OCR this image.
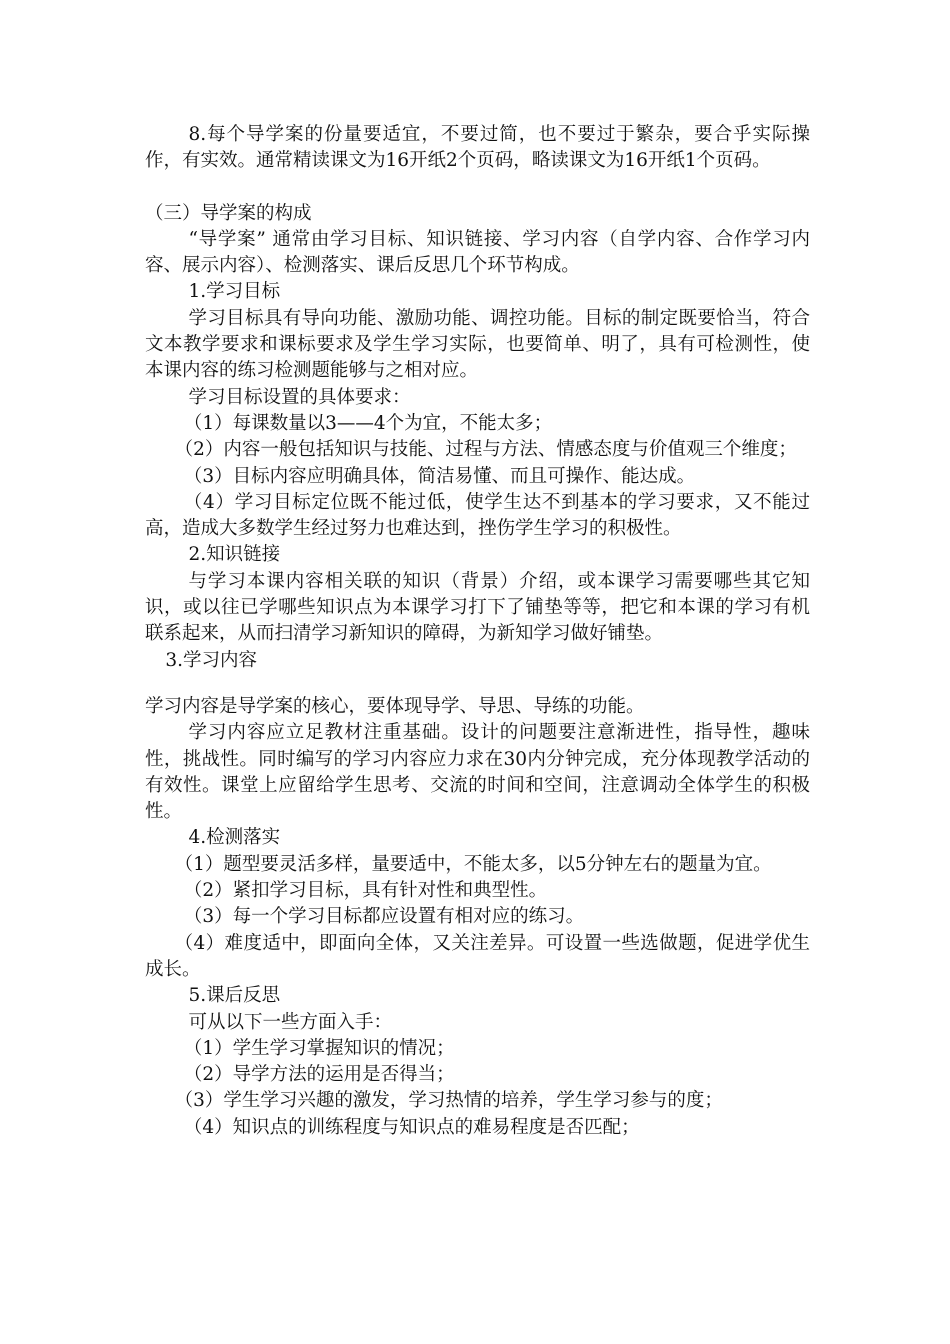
8.每个导学案的份量要适宜，不要过简，也不要过于繁杂，要合乎实际操作，有实效。通常精读课文为16开纸2个页码，略读课文为16开纸1个页码。

（三）导学案的构成

“导学案” 通常由学习目标、知识链接、学习内容（自学内容、合作学习内容、展示内容）、检测落实、课后反思几个环节构成。

1.学习目标

学习目标具有导向功能、激励功能、调控功能。目标的制定既要恰当，符合文本教学要求和课标要求及学生学习实际，也要简单、明了，具有可检测性，使本课内容的练习检测题能够与之相对应。

学习目标设置的具体要求：

（1）每课数量以3——4个为宜，不能太多；

（2）内容一般包括知识与技能、过程与方法、情感态度与价值观三个维度；

（3）目标内容应明确具体，简洁易懂、而且可操作、能达成。

（4）学习目标定位既不能过低，使学生达不到基本的学习要求，又不能过高，造成大多数学生经过努力也难达到，挫伤学生学习的积极性。

2.知识链接

与学习本课内容相关联的知识（背景）介绍，或本课学习需要哪些其它知识，或以往已学哪些知识点为本课学习打下了铺垫等等，把它和本课的学习有机联系起来，从而扫清学习新知识的障碍，为新知学习做好铺垫。

3.学习内容

学习内容是导学案的核心，要体现导学、导思、导练的功能。

学习内容应立足教材注重基础。设计的问题要注意渐进性，指导性，趣味性，挑战性。同时编写的学习内容应力求在30内分钟完成，充分体现教学活动的有效性。课堂上应留给学生思考、交流的时间和空间，注意调动全体学生的积极性。

4.检测落实

（1）题型要灵活多样，量要适中，不能太多，以5分钟左右的题量为宜。

（2）紧扣学习目标，具有针对性和典型性。

（3）每一个学习目标都应设置有相对应的练习。

（4）难度适中，即面向全体，又关注差异。可设置一些选做题，促进学优生成长。

5.课后反思

可从以下一些方面入手：

（1）学生学习掌握知识的情况；

（2）导学方法的运用是否得当；

（3）学生学习兴趣的激发，学习热情的培养，学生学习参与的度；

（4）知识点的训练程度与知识点的难易程度是否匹配；
